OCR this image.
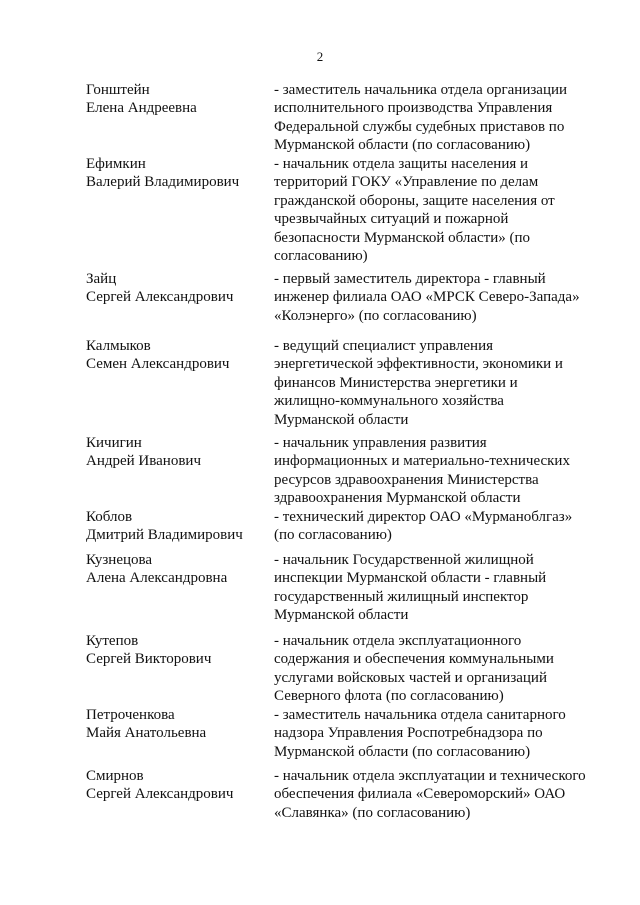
2
Гонштейн
Елена Андреевна
- заместитель начальника отдела организации
исполнительного производства Управления
Федеральной службы судебных приставов по
Мурманской области (по согласованию)
Ефимкин
Валерий Владимирович
- начальник отдела защиты населения и
территорий ГОКУ «Управление по делам
гражданской обороны, защите населения от
чрезвычайных ситуаций и пожарной
безопасности Мурманской области» (по
согласованию)
Зайц
Сергей Александрович
- первый заместитель директора - главный
инженер филиала ОАО «МРСК Северо-Запада»
«Колэнерго» (по согласованию)
Калмыков
Семен Александрович
- ведущий специалист управления
энергетической эффективности, экономики и
финансов Министерства энергетики и
жилищно-коммунального хозяйства
Мурманской области
Кичигин
Андрей Иванович
- начальник управления развития
информационных и материально-технических
ресурсов здравоохранения Министерства
здравоохранения Мурманской области
Коблов
Дмитрий Владимирович
- технический директор ОАО «Мурманоблгаз»
(по согласованию)
Кузнецова
Алена Александровна
- начальник Государственной жилищной
инспекции Мурманской области - главный
государственный жилищный инспектор
Мурманской области
Кутепов
Сергей Викторович
- начальник отдела эксплуатационного
содержания и обеспечения коммунальными
услугами войсковых частей и организаций
Северного флота (по согласованию)
Петроченкова
Майя Анатольевна
- заместитель начальника отдела санитарного
надзора Управления Роспотребнадзора по
Мурманской области (по согласованию)
Смирнов
Сергей Александрович
- начальник отдела эксплуатации и технического
обеспечения филиала «Североморский» ОАО
«Славянка» (по согласованию)
